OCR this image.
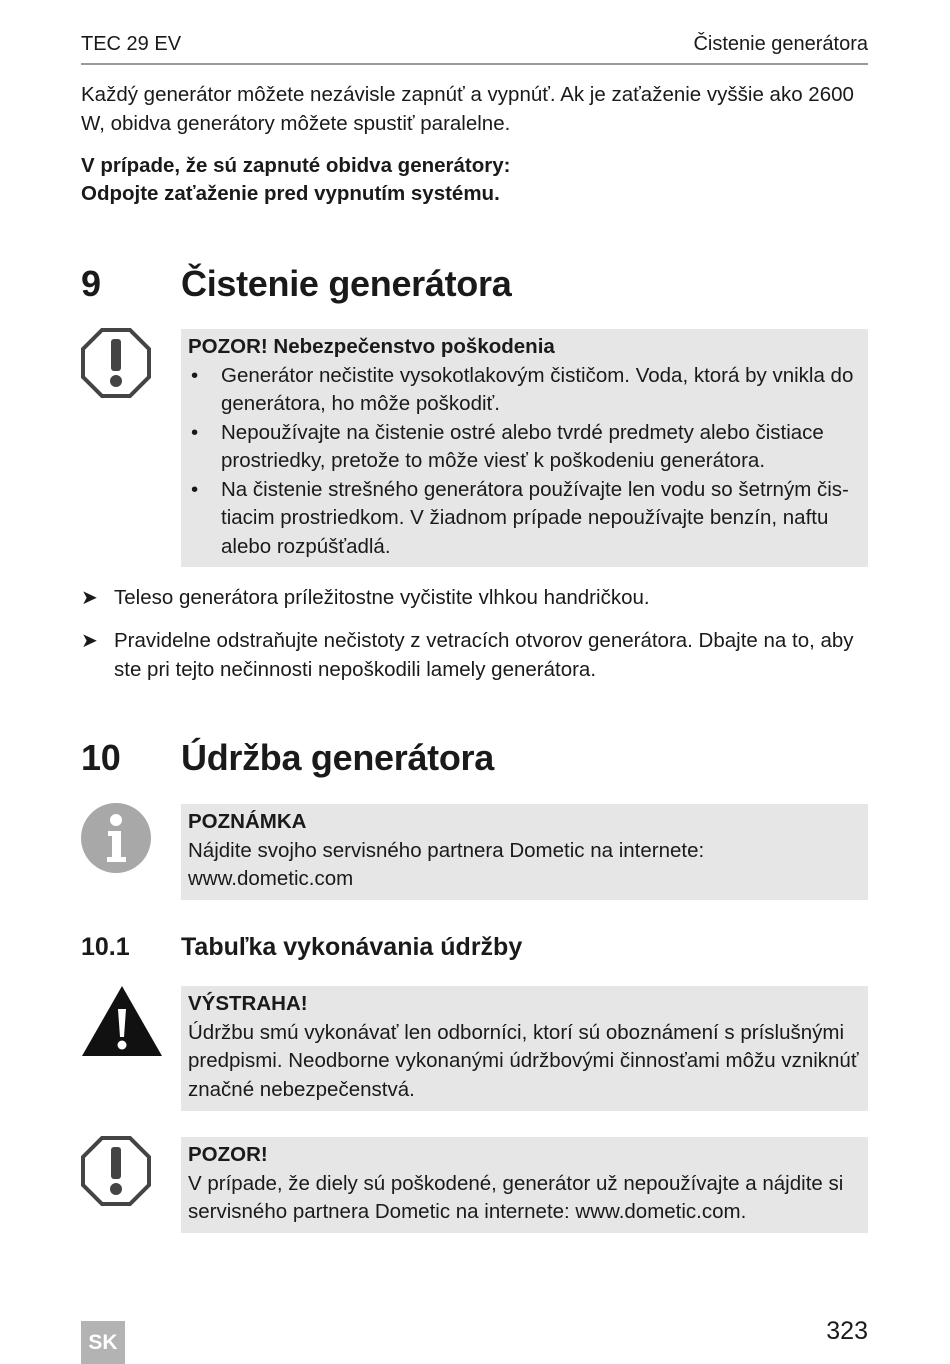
TEC 29 EV	Čistenie generátora
Každý generátor môžete nezávisle zapnúť a vypnúť. Ak je zaťaženie vyššie ako 2600 W, obidva generátory môžete spustiť paralelne.
V prípade, že sú zapnuté obidva generátory:
Odpojte zaťaženie pred vypnutím systému.
9 Čistenie generátora
POZOR! Nebezpečenstvo poškodenia
• Generátor nečistite vysokotlakovým čističom. Voda, ktorá by vnikla do generátora, ho môže poškodiť.
• Nepoužívajte na čistenie ostré alebo tvrdé predmety alebo čistiace prostriedky, pretože to môže viesť k poškodeniu generátora.
• Na čistenie strešného generátora používajte len vodu so šetrným čis-tiacim prostriedkom. V žiadnom prípade nepoužívajte benzín, naftu alebo rozpúšťadlá.
➤ Teleso generátora príležitostne vyčistite vlhkou handričkou.
➤ Pravidelne odstraňujte nečistoty z vetracích otvorov generátora. Dbajte na to, aby ste pri tejto nečinnosti nepoškodili lamely generátora.
10 Údržba generátora
POZNÁMKA
Nájdite svojho servisného partnera Dometic na internete: www.dometic.com
10.1 Tabuľka vykonávania údržby
VÝSTRAHA!
Údržbu smú vykonávať len odborníci, ktorí sú oboznámení s príslušnými predpismi. Neodborne vykonanými údržbovými činnosťami môžu vzniknúť značné nebezpečenstvá.
POZOR!
V prípade, že diely sú poškodené, generátor už nepoužívajte a nájdite si servisného partnera Dometic na internete: www.dometic.com.
SK	323
